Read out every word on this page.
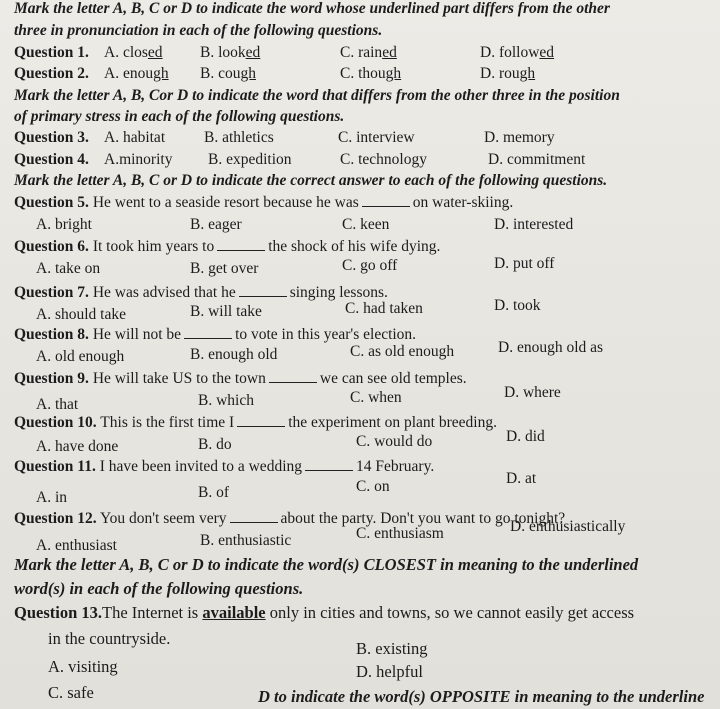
Mark the letter A, B, C or D to indicate the word whose underlined part differs from the other
three in pronunciation in each of the following questions.
Question 1. A. closed B. looked	C. rained	D. followed
Question 2. A. enough B. cough	C. though	D. rough
Mark the letter A, B, Cor D to indicate the word that differs from the other three in the position
of primary stress in each of the following questions.
Question 3. A. habitat	B. athletics	C. interview	D. memory
Question 4. A.minority B. expedition	C. technology	D. commitment
Mark the letter A, B, C or D to indicate the correct answer to each of the following questions.
Question 5. He went to a seaside resort because he was	on water-skiing.
A. bright	B. eager	C. keen	D. interested
Question 6. It took him years to	the shock of his wife dying.
A. take on	B. get over	C. go off	D. put off
Question 7. He was advised that he	singing lessons.
A. should take	B. will take	C. had taken	D. took
Question 8. He will not be	to vote in this year's election.
A. old enough	B. enough old	C. as old enough	D. enough old as
Question 9. He will take US to the town	we can see old temples.
A. that	B. which	C. when	D. where
Question 10. This is the first time I	the experiment on plant breeding.
A. have done	B. do	C. would do	D. did
Question 11. I have been invited to a wedding	14 February.
A. in	B. of	C. on	D. at
Question 12. You don't seem very	about the party. Don't you want to go tonight?
A. enthusiast	B. enthusiastic	C. enthusiasm	D. enthusiastically
Mark the letter A, B, C or D to indicate the word(s) CLOSEST in meaning to the underlined
word(s) in each of the following questions.
Question 13.The Internet is available only in cities and towns, so we cannot easily get access
in the countryside.
A. visiting
B. existing
C. safe
D. helpful
D to indicate the word(s) OPPOSITE in meaning to the underline
